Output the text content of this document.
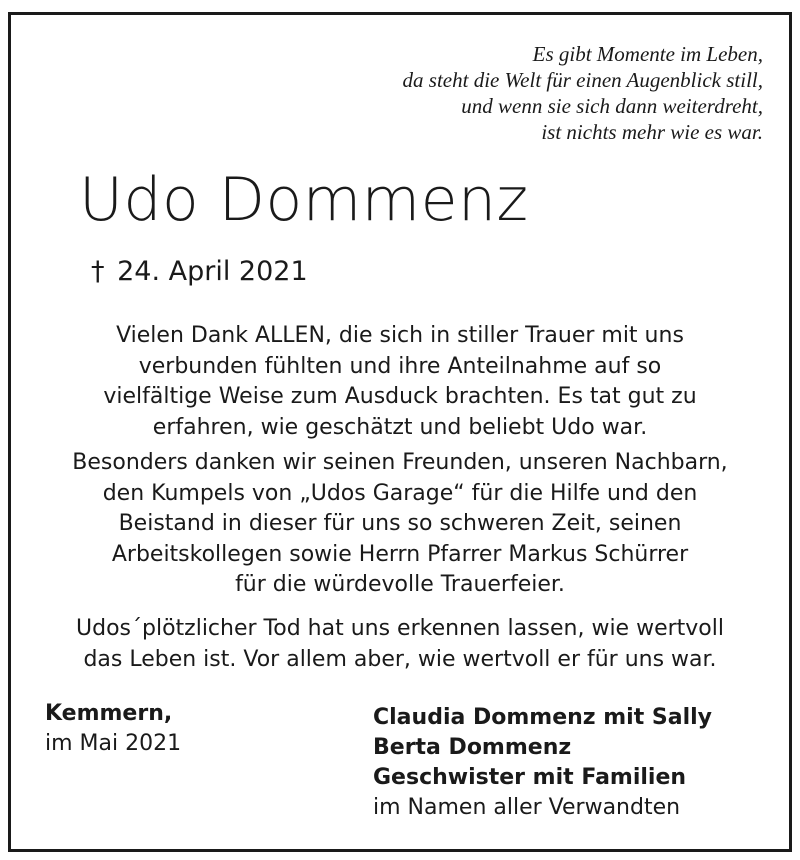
Es gibt Momente im Leben,
da steht die Welt für einen Augenblick still,
und wenn sie sich dann weiterdreht,
ist nichts mehr wie es war.
Udo Dommenz
† 24. April 2021
Vielen Dank ALLEN, die sich in stiller Trauer mit uns
verbunden fühlten und ihre Anteilnahme auf so
vielfältige Weise zum Ausduck brachten. Es tat gut zu
erfahren, wie geschätzt und beliebt Udo war.
Besonders danken wir seinen Freunden, unseren Nachbarn,
den Kumpels von „Udos Garage“ für die Hilfe und den
Beistand in dieser für uns so schweren Zeit, seinen
Arbeitskollegen sowie Herrn Pfarrer Markus Schürrer
für die würdevolle Trauerfeier.
Udos´plötzlicher Tod hat uns erkennen lassen, wie wertvoll
das Leben ist. Vor allem aber, wie wertvoll er für uns war.
Kemmern,
im Mai 2021
Claudia Dommenz mit Sally
Berta Dommenz
Geschwister mit Familien
im Namen aller Verwandten
